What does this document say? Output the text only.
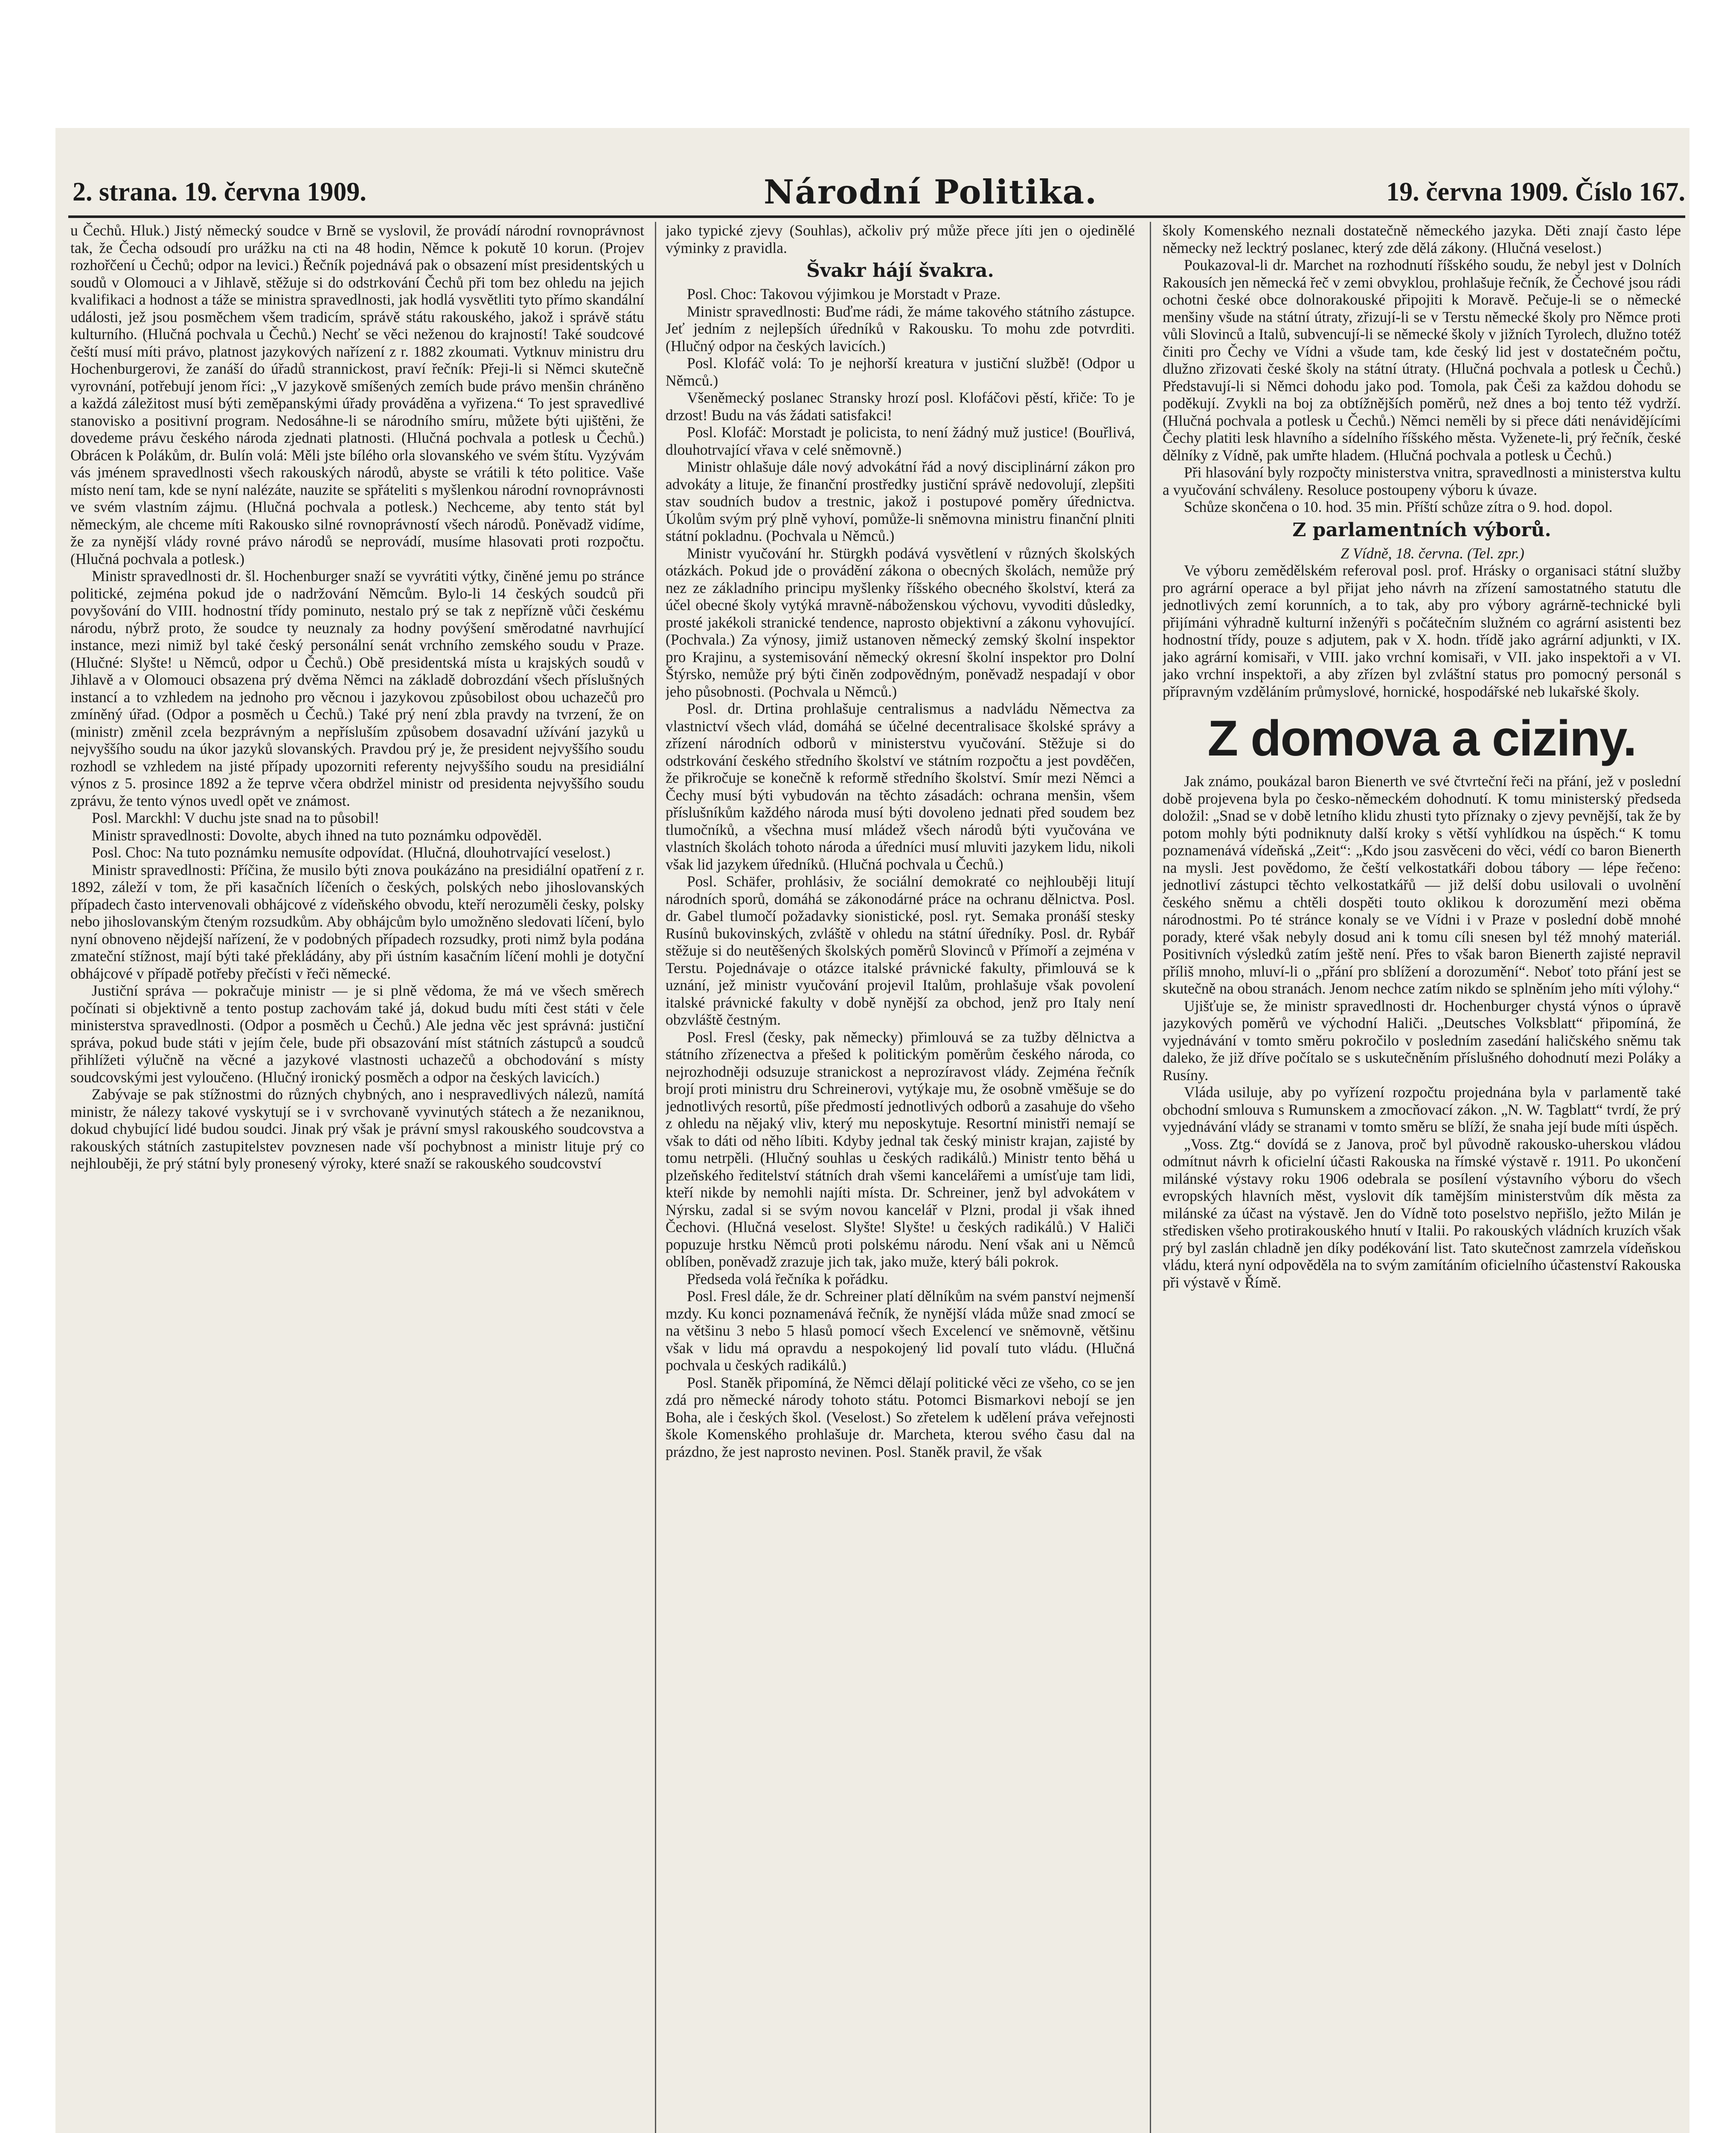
2. strana. 19. června 1909.	Národní Politika.	19. června 1909. Číslo 167.

u Čechů. Hluk.) Jistý německý soudce v Brně se vyslovil, že provádí národní rovnoprávnost tak, že Čecha odsoudí pro urážku na cti na 48 hodin, Němce k pokutě 10 korun. (Projev rozhořčení u Čechů; odpor na levici.) Řečník pojednává pak o obsazení míst presidentských u soudů v Olomouci a v Jihlavě, stěžuje si do odstrkování Čechů při tom bez ohledu na jejich kvalifikaci a hodnost a táže se ministra spravedlnosti, jak hodlá vysvětliti tyto přímo skandální události, jež jsou posměchem všem tradicím, správě státu rakouského, jakož i správě státu kulturního. (Hlučná pochvala u Čechů.) Nechť se věci neženou do krajností! Také soudcové čeští musí míti právo, platnost jazykových nařízení z r. 1882 zkoumati. Vytknuv ministru dru Hochenburgerovi, že zanáší do úřadů strannickost, praví řečník: Přeji-li si Němci skutečně vyrovnání, potřebují jenom říci: „V jazykově smíšených zemích bude právo menšin chráněno a každá záležitost musí býti zeměpanskými úřady prováděna a vyřizena.“ To jest spravedlivé stanovisko a positivní program. Nedosáhne-li se národního smíru, můžete býti ujištěni, že dovedeme právu českého národa zjednati platnosti. (Hlučná pochvala a potlesk u Čechů.) Obrácen k Polákům, dr. Bulín volá: Měli jste bílého orla slovanského ve svém štítu. Vyzývám vás jménem spravedlnosti všech rakouských národů, abyste se vrátili k této politice. Vaše místo není tam, kde se nyní nalézáte, nauzite se spřáteliti s myšlenkou národní rovnoprávnosti ve svém vlastním zájmu. (Hlučná pochvala a potlesk.) Nechceme, aby tento stát byl německým, ale chceme míti Rakousko silné rovnoprávností všech národů. Poněvadž vidíme, že za nynější vlády rovné právo národů se neprovádí, musíme hlasovati proti rozpočtu. (Hlučná pochvala a potlesk.)

Ministr spravedlnosti dr. šl. Hochenburger snaží se vyvrátiti výtky, činěné jemu po stránce politické, zejména pokud jde o nadržování Němcům. Bylo-li 14 českých soudců při povyšování do VIII. hodnostní třídy pominuto, nestalo prý se tak z nepřízně vůči českému národu, nýbrž proto, že soudce ty neuznaly za hodny povýšení směrodatné navrhující instance, mezi nimiž byl také český personální senát vrchního zemského soudu v Praze. (Hlučné: Slyšte! u Němců, odpor u Čechů.) Obě presidentská místa u krajských soudů v Jihlavě a v Olomouci obsazena prý dvěma Němci na základě dobrozdání všech příslušných instancí a to vzhledem na jednoho pro věcnou i jazykovou způsobilost obou uchazečů pro zmíněný úřad. (Odpor a posměch u Čechů.) Také prý není zbla pravdy na tvrzení, že on (ministr) změnil zcela bezprávným a nepřísluším způsobem dosavadní užívání jazyků u nejvyššího soudu na úkor jazyků slovanských. Pravdou prý je, že president nejvyššího soudu rozhodl se vzhledem na jisté případy upozorniti referenty nejvyššího soudu na presidiální výnos z 5. prosince 1892 a že teprve včera obdržel ministr od presidenta nejvyššího soudu zprávu, že tento výnos uvedl opět ve známost.

Posl. Marckhl: V duchu jste snad na to působil!

Ministr spravedlnosti: Dovolte, abych ihned na tuto poznámku odpověděl.

Posl. Choc: Na tuto poznámku nemusíte odpovídat. (Hlučná, dlouhotrvající veselost.)

Ministr spravedlnosti: Příčina, že musilo býti znova poukázáno na presidiální opatření z r. 1892, záleží v tom, že při kasačních líčeních o českých, polských nebo jihoslovanských případech často intervenovali obhájcové z vídeňského obvodu, kteří nerozuměli česky, polsky nebo jihoslovanským čteným rozsudkům. Aby obhájcům bylo umožněno sledovati líčení, bylo nyní obnoveno nějdejší nařízení, že v podobných případech rozsudky, proti nimž byla podána zmateční stížnost, mají býti také překládány, aby při ústním kasačním líčení mohli je dotyční obhájcové v případě potřeby přečísti v řeči německé.

Justiční správa — pokračuje ministr — je si plně vědoma, že má ve všech směrech počínati si objektivně a tento postup zachovám také já, dokud budu míti čest státi v čele ministerstva spravedlnosti. (Odpor a posměch u Čechů.) Ale jedna věc jest správná: justiční správa, pokud bude státi v jejím čele, bude při obsazování míst státních zástupců a soudců přihlížeti výlučně na věcné a jazykové vlastnosti uchazečů a obchodování s místy soudcovskými jest vyloučeno. (Hlučný ironický posměch a odpor na českých lavicích.)

Zabývaje se pak stížnostmi do různých chybných, ano i nespravedlivých nálezů, namítá ministr, že nálezy takové vyskytují se i v svrchovaně vyvinutých státech a že nezaniknou, dokud chybující lidé budou soudci. Jinak prý však je právní smysl rakouského soudcovstva a rakouských státních zastupitelstev povznesen nade vší pochybnost a ministr lituje prý co nejhlouběji, že prý státní byly pronesený výroky, které snaží se rakouského soudcovství

jako typické zjevy (Souhlas), ačkoliv prý může přece jíti jen o ojedinělé výminky z pravidla.

Švakr hájí švakra.

Posl. Choc: Takovou výjimkou je Morstadt v Praze.

Ministr spravedlnosti: Buďme rádi, že máme takového státního zástupce. Jeť jedním z nejlepších úředníků v Rakousku. To mohu zde potvrditi. (Hlučný odpor na českých lavicích.)

Posl. Klofáč volá: To je nejhorší kreatura v justiční službě! (Odpor u Němců.)

Všeněmecký poslanec Stransky hrozí posl. Klofáčovi pěstí, křiče: To je drzost! Budu na vás žádati satisfakci!

Posl. Klofáč: Morstadt je policista, to není žádný muž justice! (Bouřlivá, dlouhotrvající vřava v celé sněmovně.)

Ministr ohlašuje dále nový advokátní řád a nový disciplinární zákon pro advokáty a lituje, že finanční prostředky justiční správě nedovolují, zlepšiti stav soudních budov a trestnic, jakož i postupové poměry úřednictva. Úkolům svým prý plně vyhoví, pomůže-li sněmovna ministru finanční plniti státní pokladnu. (Pochvala u Němců.)

Ministr vyučování hr. Stürgkh podává vysvětlení v různých školských otázkách. Pokud jde o provádění zákona o obecných školách, nemůže prý nez ze základního principu myšlenky říšského obecného školství, která za účel obecné školy vytýká mravně-náboženskou výchovu, vyvoditi důsledky, prosté jakékoli stranické tendence, naprosto objektivní a zákonu vyhovující. (Pochvala.) Za výnosy, jimiž ustanoven německý zemský školní inspektor pro Krajinu, a systemisování německý okresní školní inspektor pro Dolní Štýrsko, nemůže prý býti činěn zodpovědným, poněvadž nespadají v obor jeho působnosti. (Pochvala u Němců.)

Posl. dr. Drtina prohlašuje centralismus a nadvládu Němectva za vlastnictví všech vlád, domáhá se účelné decentralisace školské správy a zřízení národních odborů v ministerstvu vyučování. Stěžuje si do odstrkování českého středního školství ve státním rozpočtu a jest povděčen, že přikročuje se konečně k reformě středního školství. Smír mezi Němci a Čechy musí býti vybudován na těchto zásadách: ochrana menšin, všem příslušníkům každého národa musí býti dovoleno jednati před soudem bez tlumočníků, a všechna musí mládež všech národů býti vyučována ve vlastních školách tohoto národa a úředníci musí mluviti jazykem lidu, nikoli však lid jazykem úředníků. (Hlučná pochvala u Čechů.)

Posl. Schäfer, prohlásiv, že sociální demokraté co nejhlouběji litují národních sporů, domáhá se zákonodárné práce na ochranu dělnictva. Posl. dr. Gabel tlumočí požadavky sionistické, posl. ryt. Semaka pronáší stesky Rusínů bukovinských, zvláště v ohledu na státní úředníky. Posl. dr. Rybář stěžuje si do neutěšených školských poměrů Slovinců v Přímoří a zejména v Terstu. Pojednávaje o otázce italské právnické fakulty, přimlouvá se k uznání, jež ministr vyučování projevil Italům, prohlašuje však povolení italské právnické fakulty v době nynější za obchod, jenž pro Italy není obzvláště čestným.

Posl. Fresl (česky, pak německy) přimlouvá se za tužby dělnictva a státního zřízenectva a přešed k politickým poměrům českého národa, co nejrozhodněji odsuzuje stranickost a neprozíravost vlády. Zejména řečník brojí proti ministru dru Schreinerovi, vytýkaje mu, že osobně vměšuje se do jednotlivých resortů, píše předmostí jednotlivých odborů a zasahuje do všeho z ohledu na nějaký vliv, který mu neposkytuje. Resortní ministři nemají se však to dáti od něho líbiti. Kdyby jednal tak český ministr krajan, zajisté by tomu netrpěli. (Hlučný souhlas u českých radikálů.) Ministr tento běhá u plzeňského ředitelství státních drah všemi kancelářemi a umísťuje tam lidi, kteří nikde by nemohli najíti místa. Dr. Schreiner, jenž byl advokátem v Nýrsku, zadal si se svým novou kancelář v Plzni, prodal ji však ihned Čechovi. (Hlučná veselost. Slyšte! Slyšte! u českých radikálů.) V Haliči popuzuje hrstku Němců proti polskému národu. Není však ani u Němců oblíben, poněvadž zrazuje jich tak, jako muže, který báli pokrok.

Předseda volá řečníka k pořádku.

Posl. Fresl dále, že dr. Schreiner platí dělníkům na svém panství nejmenší mzdy. Ku konci poznamenává řečník, že nynější vláda může snad zmocí se na většinu 3 nebo 5 hlasů pomocí všech Excelencí ve sněmovně, většinu však v lidu má opravdu a nespokojený lid povalí tuto vládu. (Hlučná pochvala u českých radikálů.)

Posl. Staněk připomíná, že Němci dělají politické věci ze všeho, co se jen zdá pro německé národy tohoto státu. Potomci Bismarkovi nebojí se jen Boha, ale i českých škol. (Veselost.) So zřetelem k udělení práva veřejnosti škole Komenského prohlašuje dr. Marcheta, kterou svého času dal na prázdno, že jest naprosto nevinen. Posl. Staněk pravil, že však

školy Komenského neznali dostatečně německého jazyka. Děti znají často lépe německy než lecktrý poslanec, který zde dělá zákony. (Hlučná veselost.)

Poukazoval-li dr. Marchet na rozhodnutí říšského soudu, že nebyl jest v Dolních Rakousích jen německá řeč v zemi obvyklou, prohlašuje řečník, že Čechové jsou rádi ochotni české obce dolnorakouské připojiti k Moravě. Pečuje-li se o německé menšiny všude na státní útraty, zřizují-li se v Terstu německé školy pro Němce proti vůli Slovinců a Italů, subvencují-li se německé školy v jižních Tyrolech, dlužno totéž činiti pro Čechy ve Vídni a všude tam, kde český lid jest v dostatečném počtu, dlužno zřizovati české školy na státní útraty. (Hlučná pochvala a potlesk u Čechů.) Představují-li si Němci dohodu jako pod. Tomola, pak Češi za každou dohodu se poděkují. Zvykli na boj za obtížnějších poměrů, než dnes a boj tento též vydrží. (Hlučná pochvala a potlesk u Čechů.) Němci neměli by si přece dáti nenávidějícími Čechy platiti lesk hlavního a sídelního říšského města. Vyženete-li, prý řečník, české dělníky z Vídně, pak umřte hladem. (Hlučná pochvala a potlesk u Čechů.)

Při hlasování byly rozpočty ministerstva vnitra, spravedlnosti a ministerstva kultu a vyučování schváleny. Resoluce postoupeny výboru k úvaze.

Schůze skončena o 10. hod. 35 min. Příští schůze zítra o 9. hod. dopol.

Z parlamentních výborů.

Z Vídně, 18. června. (Tel. zpr.)

Ve výboru zemědělském referoval posl. prof. Hrásky o organisaci státní služby pro agrární operace a byl přijat jeho návrh na zřízení samostatného statutu dle jednotlivých zemí korunních, a to tak, aby pro výbory agrárně-technické byli přijímáni výhradně kulturní inženýři s počátečním služném co agrární asistenti bez hodnostní třídy, pouze s adjutem, pak v X. hodn. třídě jako agrární adjunkti, v IX. jako agrární komisaři, v VIII. jako vrchní komisaři, v VII. jako inspektoři a v VI. jako vrchní inspektoři, a aby zřízen byl zvláštní status pro pomocný personál s přípravným vzděláním průmyslové, hornické, hospodářské neb lukařské školy.

Z domova a ciziny.

Jak známo, poukázal baron Bienerth ve své čtvrteční řeči na přání, jež v poslední době projevena byla po česko-německém dohodnutí. K tomu ministerský předseda doložil: „Snad se v době letního klidu zhusti tyto příznaky o zjevy pevnější, tak že by potom mohly býti podniknuty další kroky s větší vyhlídkou na úspěch.“ K tomu poznamenává vídeňská „Zeit“: „Kdo jsou zasvěceni do věci, védí co baron Bienerth na mysli. Jest povědomo, že čeští velkostatkáři dobou tábory — lépe řečeno: jednotliví zástupci těchto velkostatkářů — již delší dobu usilovali o uvolnění českého sněmu a chtěli dospěti touto oklikou k dorozumění mezi oběma národnostmi. Po té stránce konaly se ve Vídni i v Praze v poslední době mnohé porady, které však nebyly dosud ani k tomu cíli snesen byl též mnohý materiál. Positivních výsledků zatím ještě není. Přes to však baron Bienerth zajisté nepravil příliš mnoho, mluví-li o „přání pro sblížení a dorozumění“. Neboť toto přání jest se skutečně na obou stranách. Jenom nechce zatím nikdo se splněním jeho míti výlohy.“

Ujišťuje se, že ministr spravedlnosti dr. Hochenburger chystá výnos o úpravě jazykových poměrů ve východní Haliči. „Deutsches Volksblatt“ připomíná, že vyjednávání v tomto směru pokročilo v posledním zasedání haličského sněmu tak daleko, že již dříve počítalo se s uskutečněním příslušného dohodnutí mezi Poláky a Rusíny.

Vláda usiluje, aby po vyřízení rozpočtu projednána byla v parlamentě také obchodní smlouva s Rumunskem a zmocňovací zákon. „N. W. Tagblatt“ tvrdí, že prý vyjednávání vlády se stranami v tomto směru se blíží, že snaha její bude míti úspěch.

„Voss. Ztg.“ dovídá se z Janova, proč byl původně rakousko-uherskou vládou odmítnut návrh k oficielní účasti Rakouska na římské výstavě r. 1911. Po ukončení milánské výstavy roku 1906 odebrala se posílení výstavního výboru do všech evropských hlavních měst, vyslovit dík tamějším ministerstvům dík města za milánské za účast na výstavě. Jen do Vídně toto poselstvo nepřišlo, ježto Milán je středisken všeho protirakouského hnutí v Italii. Po rakouských vládních kruzích však prý byl zaslán chladně jen díky podékování list. Tato skutečnost zamrzela vídeňskou vládu, která nyní odpověděla na to svým zamítáním oficielního účastenství Rakouska při výstavě v Římě.
